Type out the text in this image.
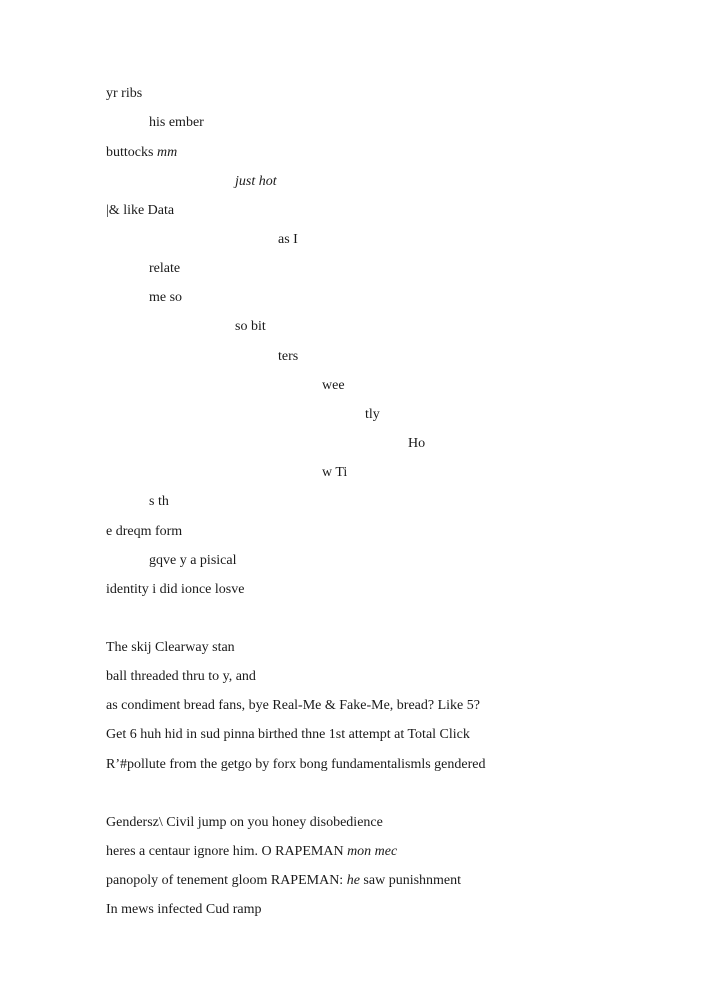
yr ribs
his ember
buttocks mm
just hot
|& like Data
as I
relate
me so
so bit
ters
wee
tly
Ho
w Ti
s th
e dreqm form
gqve y a pisical
identity i did ionce losve
The skij Clearway stan
ball threaded thru to y, and
as condiment bread fans, bye Real-Me & Fake-Me, bread? Like 5?
Get 6 huh hid in sud pinna birthed thne 1st attempt at Total Click
R’#pollute from the getgo by forx bong fundamentalismls gendered
Gendersz\ Civil jump on you honey disobedience
heres a centaur ignore him. O RAPEMAN mon mec
panopoly of tenement gloom RAPEMAN: he saw punishnment
In mews infected Cud ramp
